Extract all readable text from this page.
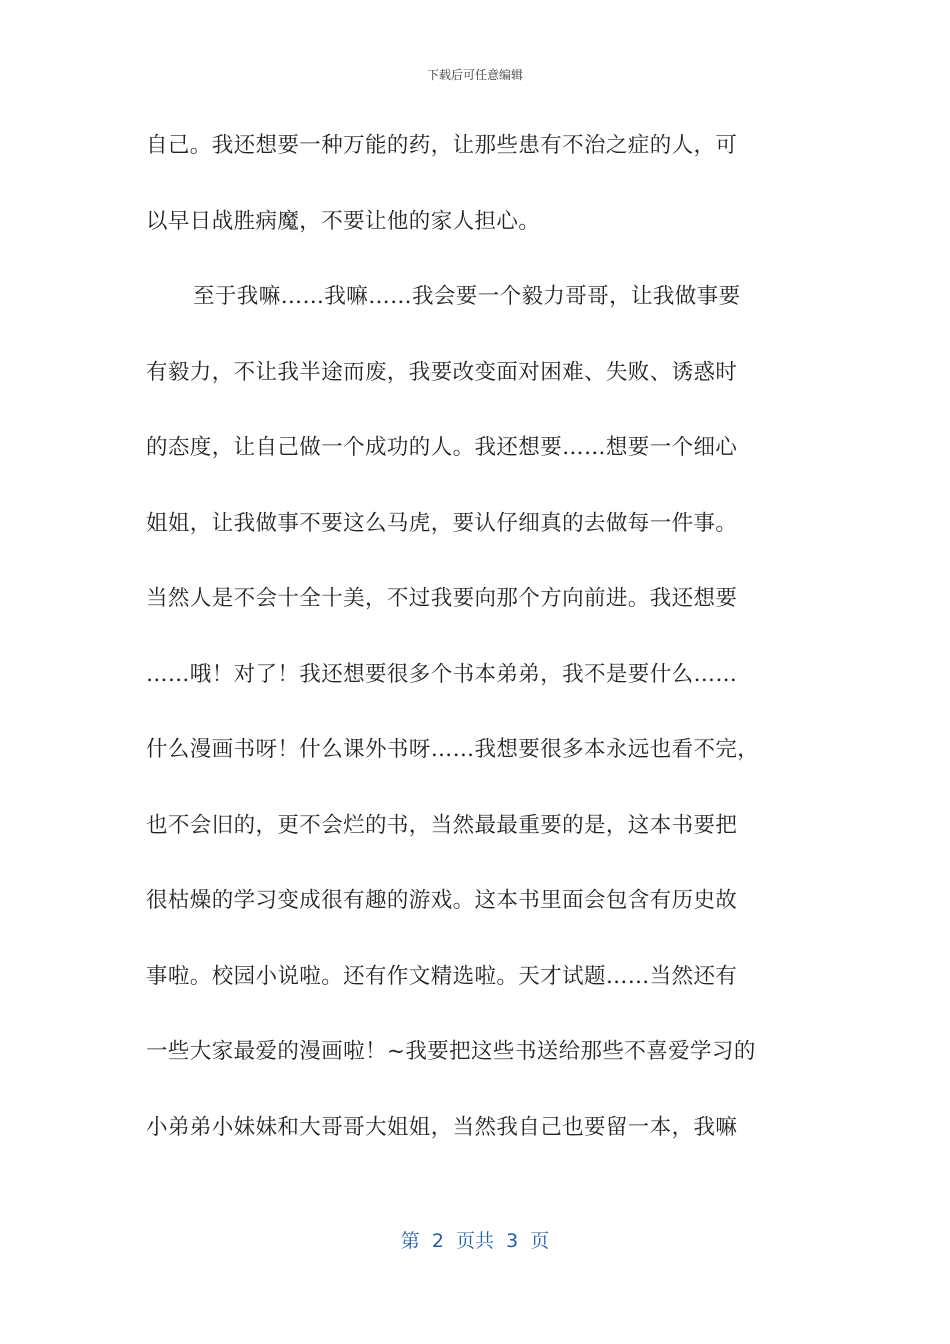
下载后可任意编辑
自己。我还想要一种万能的药，让那些患有不治之症的人，可
以早日战胜病魔，不要让他的家人担心。
至于我嘛……我嘛……我会要一个毅力哥哥，让我做事要
有毅力，不让我半途而废，我要改变面对困难、失败、诱惑时
的态度，让自己做一个成功的人。我还想要……想要一个细心
姐姐，让我做事不要这么马虎，要认仔细真的去做每一件事。
当然人是不会十全十美，不过我要向那个方向前进。我还想要
……哦！对了！我还想要很多个书本弟弟，我不是要什么……
什么漫画书呀！什么课外书呀……我想要很多本永远也看不完，
也不会旧的，更不会烂的书，当然最最重要的是，这本书要把
很枯燥的学习变成很有趣的游戏。这本书里面会包含有历史故
事啦。校园小说啦。还有作文精选啦。天才试题……当然还有
一些大家最爱的漫画啦！~我要把这些书送给那些不喜爱学习的
小弟弟小妹妹和大哥哥大姐姐，当然我自己也要留一本，我嘛
第  2  页共  3  页
